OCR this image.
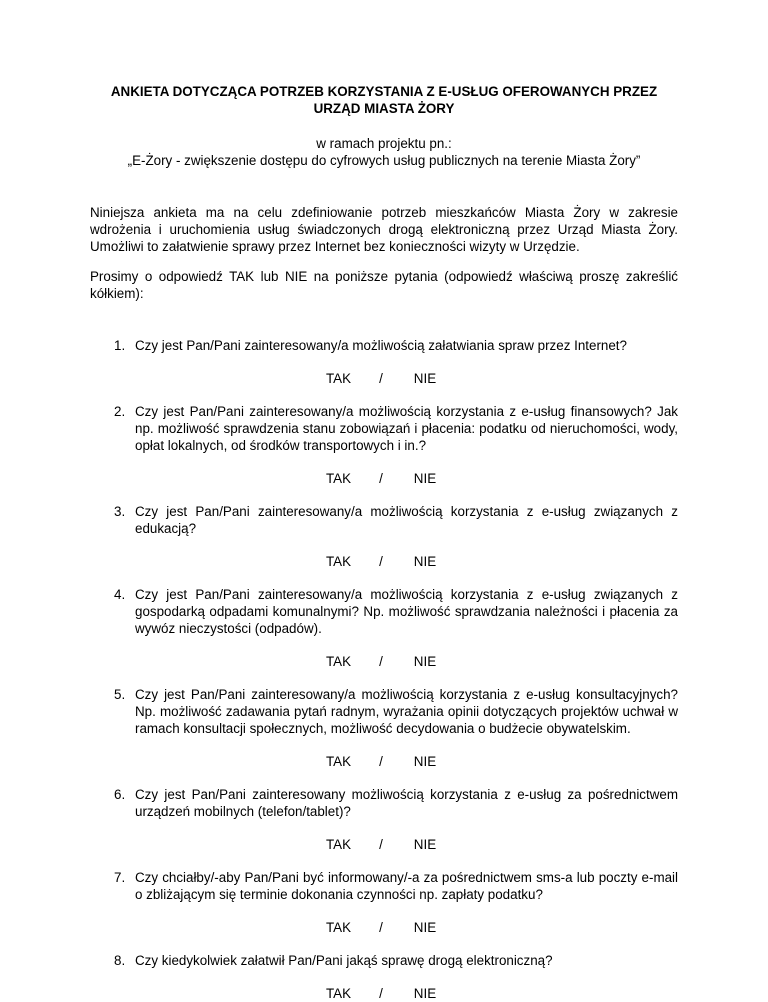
ANKIETA DOTYCZĄCA POTRZEB KORZYSTANIA Z E-USŁUG OFEROWANYCH PRZEZ
URZĄD MIASTA ŻORY
w ramach projektu pn.:
„E-Żory - zwiększenie dostępu do cyfrowych usług publicznych na terenie Miasta Żory”

Niniejsza ankieta ma na celu zdefiniowanie potrzeb mieszkańców Miasta Żory w zakresie wdrożenia i uruchomienia usług świadczonych drogą elektroniczną przez Urząd Miasta Żory. Umożliwi to załatwienie sprawy przez Internet bez konieczności wizyty w Urzędzie.

Prosimy o odpowiedź TAK lub NIE na poniższe pytania (odpowiedź właściwą proszę zakreślić kółkiem):

1. Czy jest Pan/Pani zainteresowany/a możliwością załatwiania spraw przez Internet?
TAK / NIE
2. Czy jest Pan/Pani zainteresowany/a możliwością korzystania z e-usług finansowych? Jak np. możliwość sprawdzenia stanu zobowiązań i płacenia: podatku od nieruchomości, wody, opłat lokalnych, od środków transportowych i in.?
TAK / NIE
3. Czy jest Pan/Pani zainteresowany/a możliwością korzystania z e-usług związanych z edukacją?
TAK / NIE
4. Czy jest Pan/Pani zainteresowany/a możliwością korzystania z e-usług związanych z gospodarką odpadami komunalnymi? Np. możliwość sprawdzania należności i płacenia za wywóz nieczystości (odpadów).
TAK / NIE
5. Czy jest Pan/Pani zainteresowany/a możliwością korzystania z e-usług konsultacyjnych? Np. możliwość zadawania pytań radnym, wyrażania opinii dotyczących projektów uchwał w ramach konsultacji społecznych, możliwość decydowania o budżecie obywatelskim.
TAK / NIE
6. Czy jest Pan/Pani zainteresowany możliwością korzystania z e-usług za pośrednictwem urządzeń mobilnych (telefon/tablet)?
TAK / NIE
7. Czy chciałby/-aby Pan/Pani być informowany/-a za pośrednictwem sms-a lub poczty e-mail o zbliżającym się terminie dokonania czynności np. zapłaty podatku?
TAK / NIE
8. Czy kiedykolwiek załatwił Pan/Pani jakąś sprawę drogą elektroniczną?
TAK / NIE
